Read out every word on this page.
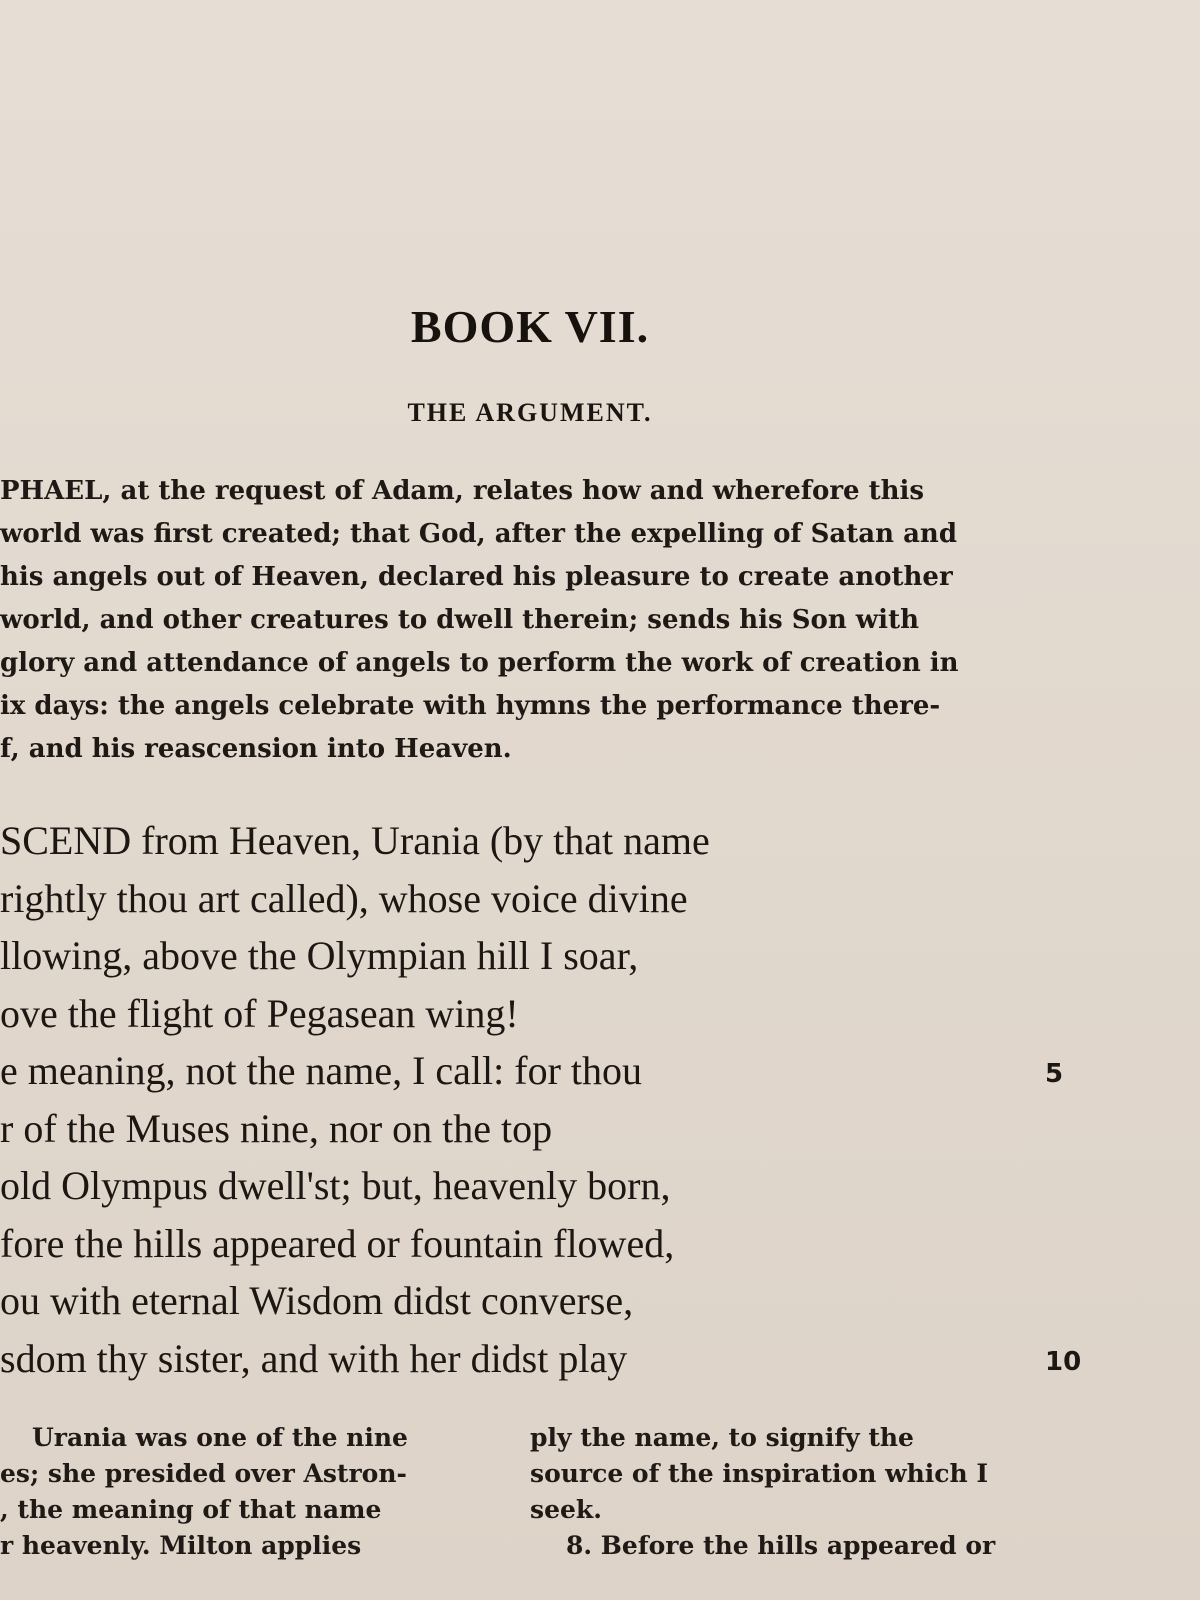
BOOK VII.
THE ARGUMENT.
PHAEL, at the request of Adam, relates how and wherefore this
world was first created; that God, after the expelling of Satan and
his angels out of Heaven, declared his pleasure to create another
world, and other creatures to dwell therein; sends his Son with
glory and attendance of angels to perform the work of creation in
ix days: the angels celebrate with hymns the performance there-
f, and his reascension into Heaven.
SCEND from Heaven, Urania (by that name
rightly thou art called), whose voice divine
llowing, above the Olympian hill I soar,
ove the flight of Pegasean wing!
e meaning, not the name, I call: for thou	5
r of the Muses nine, nor on the top
old Olympus dwell'st; but, heavenly born,
fore the hills appeared or fountain flowed,
ou with eternal Wisdom didst converse,
sdom thy sister, and with her didst play	10
Urania was one of the nine
es; she presided over Astron-
, the meaning of that name
r heavenly. Milton applies
ply the name, to signify the
source of the inspiration which I
seek.
8. Before the hills appeared or
